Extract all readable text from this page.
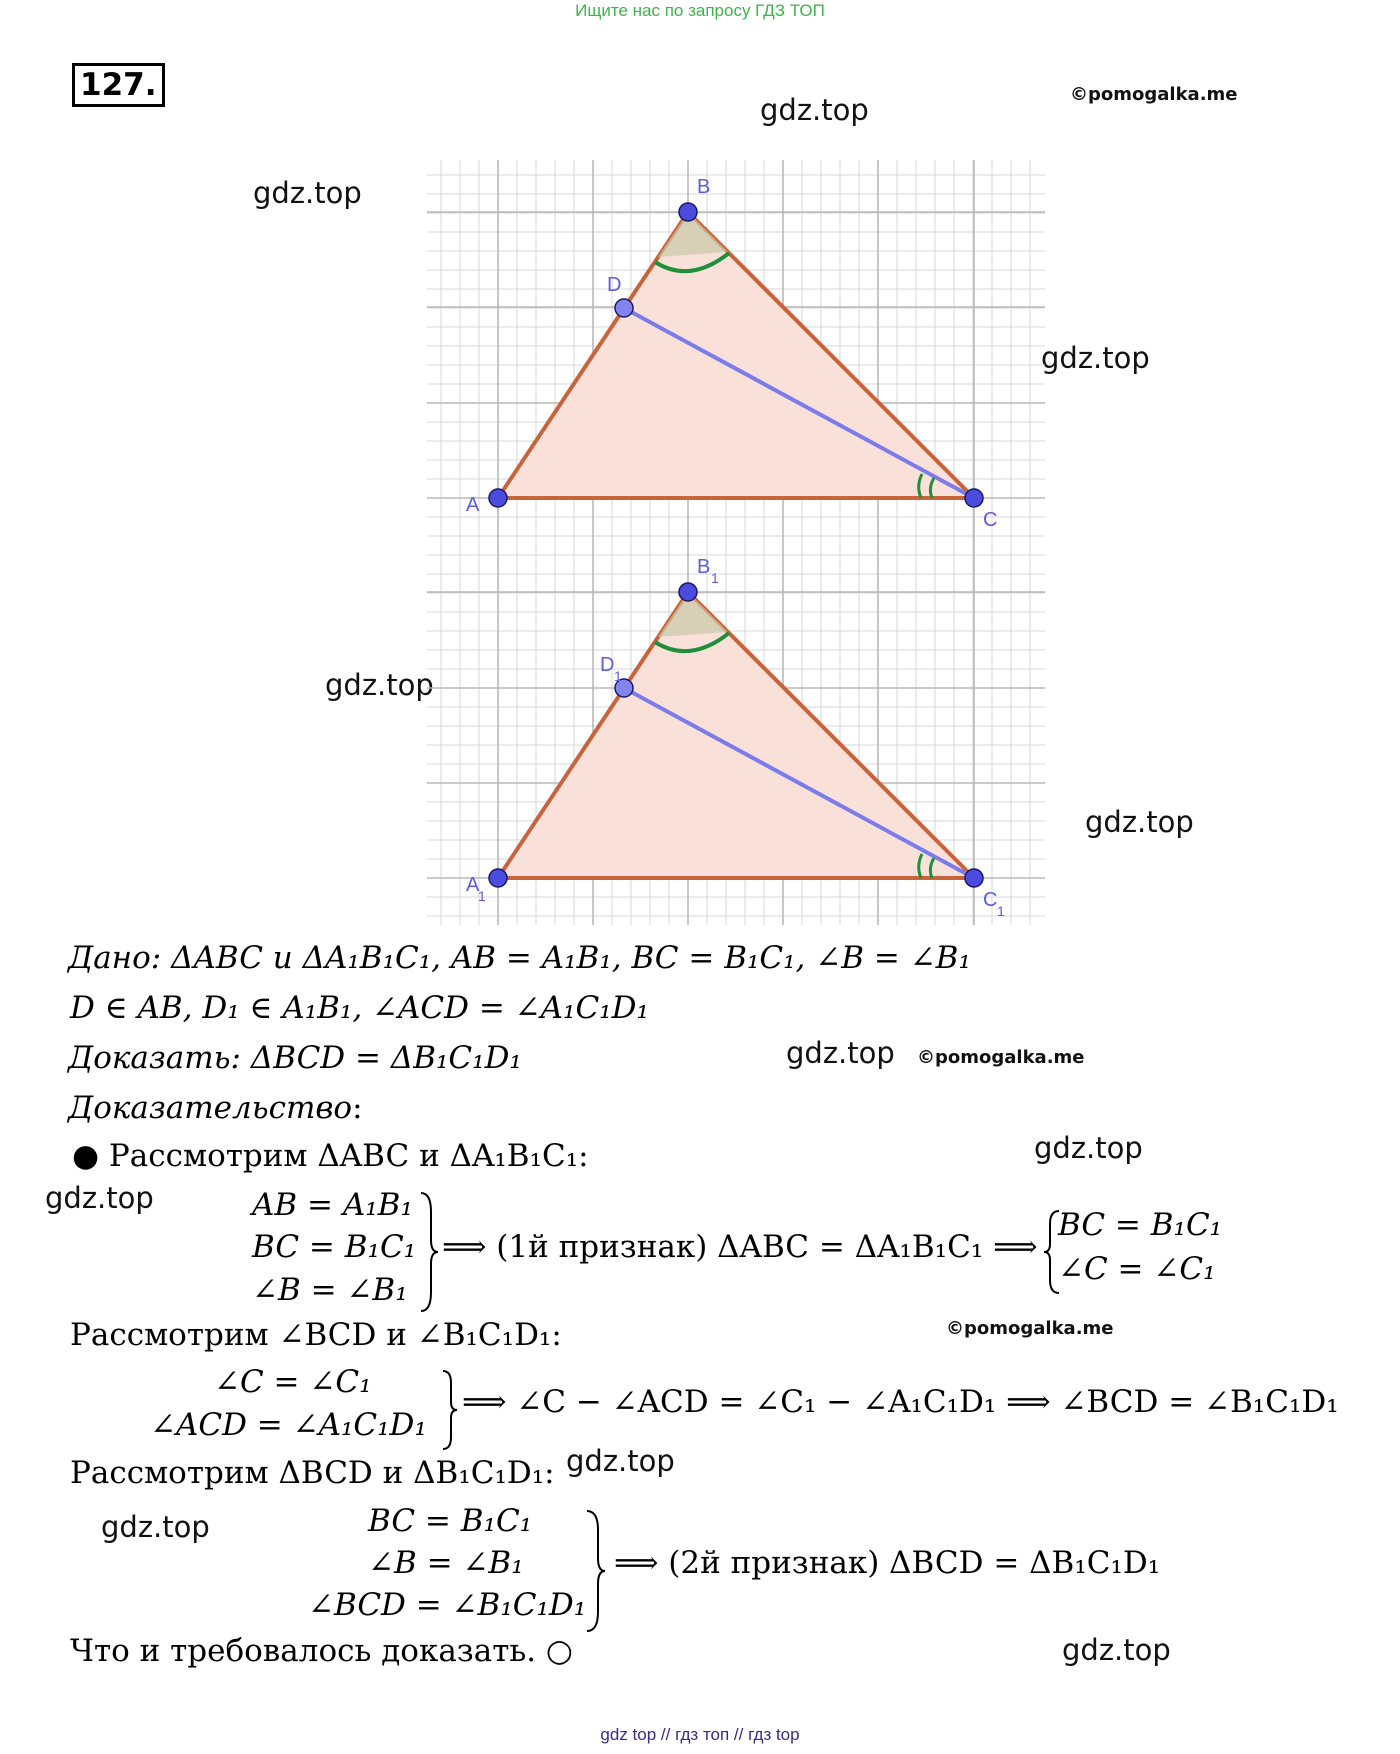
Ищите нас по запросу ГДЗ ТОП
127.	©pomogalka.me
©pomogalka.me
©pomogalka.me
gdz.top
gdz.top
gdz.top
gdz.top
gdz.top
gdz.top
gdz.top
gdz.top
gdz.top
gdz.top
gdz.top
A
B
C
D
A
1
B 1
C 1
D 1
Дано: ΔABC и ΔA₁B₁C₁, AB = A₁B₁, BC = B₁C₁, ∠B = ∠B₁
D ∈ AB, D₁ ∈ A₁B₁, ∠ACD = ∠A₁C₁D₁
Доказать: ΔBCD = ΔB₁C₁D₁
Доказательство:
● Рассмотрим ΔABC и ΔA₁B₁C₁:
AB = A₁B₁
BC = B₁C₁
∠B = ∠B₁
⟹ (1й признак) ΔABC = ΔA₁B₁C₁ ⟹
BC = B₁C₁
∠C = ∠C₁
Рассмотрим ∠BCD и ∠B₁C₁D₁:
∠C = ∠C₁
∠ACD = ∠A₁C₁D₁
⟹ ∠C − ∠ACD = ∠C₁ − ∠A₁C₁D₁ ⟹ ∠BCD = ∠B₁C₁D₁
Рассмотрим ΔBCD и ΔB₁C₁D₁:
BC = B₁C₁
∠B = ∠B₁
∠BCD = ∠B₁C₁D₁
⟹ (2й признак) ΔBCD = ΔB₁C₁D₁
Что и требовалось доказать. ○
gdz top // гдз топ // гдз top
